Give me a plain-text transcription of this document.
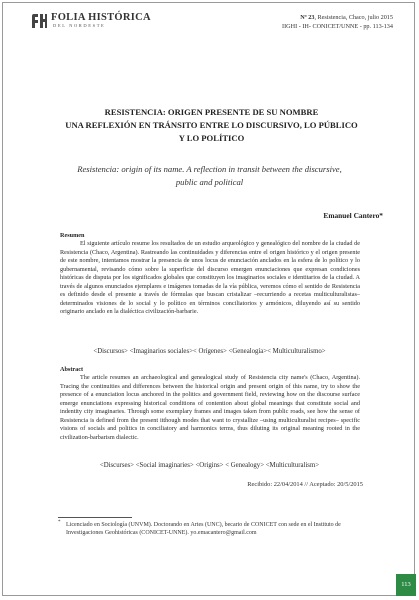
FOLIA HISTÓRICA
DEL NORDESTE
Nº 23, Resistencia, Chaco, julio 2015
IIGHI - IH- CONICET/UNNE - pp. 113-134
RESISTENCIA: ORIGEN PRESENTE DE SU NOMBRE
UNA REFLEXIÓN EN TRÁNSITO ENTRE LO DISCURSIVO, LO PÚBLICO
Y LO POLÍTICO
Resistencia: origin of its name. A reflection in transit between the discursive,
public and political
Emanuel Cantero*
Resumen

El siguiente artículo resume los resultados de un estudio arqueológico y genealógico del nombre de la ciudad de Resistencia (Chaco, Argentina). Rastreando las continuidades y diferencias entre el origen histórico y el origen presente de este nombre, intentamos mostrar la presencia de unos locus de enunciación anclados en la esfera de lo político y lo gubernamental, revisando cómo sobre la superficie del discurso emergen enunciaciones que expresan condiciones históricas de disputa por los significados globales que constituyen los imaginarios sociales e identitarios de la ciudad. A través de algunos enunciados ejemplares e imágenes tomadas de la vía pública, veremos cómo el sentido de Resistencia es definido desde el presente a través de fórmulas que buscan cristalizar –recurriendo a recetas multiculturalistas– determinados visiones de lo social y lo político en términos conciliatorios y armónicos, diluyendo así su sentido originario anclado en la dialéctica civilización-barbarie.

<Discursos> <Imaginarios sociales>< Orígenes> <Genealogía>< Multiculturalismo>
Abstract

The article resumes an archaeological and genealogical study of Resistencia city name's (Chaco, Argentina). Tracing the continuities and differences between the historical origin and present origin of this name, try to show the presence of a enunciation locus anchored in the politics and government field, reviewing how on the discourse surface emerge enunciations expressing historical conditions of contention about global meanings that constitute social and indentity city imaginaries. Through some exemplary frames and images taken from public roads, see how the sense of Resistencia is defined from the present itthough modes that want to crystallize –using multiculturalist recipes– specific visions of socials and politics in conciliatory and harmonics terms, thus diluting its original meaning rooted in the civilization-barbarism dialectic.

<Discurses> <Social imaginaries> <Origins> < Genealogy> <Multiculturalism>
Recibido: 22/04/2014 // Aceptado: 20/5/2015
* Licenciado en Sociología (UNVM). Doctorando en Artes (UNC), becario de CONICET con sede en el Instituto de Investigaciones Geohistóricas (CONICET-UNNE). yo.emacantero@gmail.com
113
